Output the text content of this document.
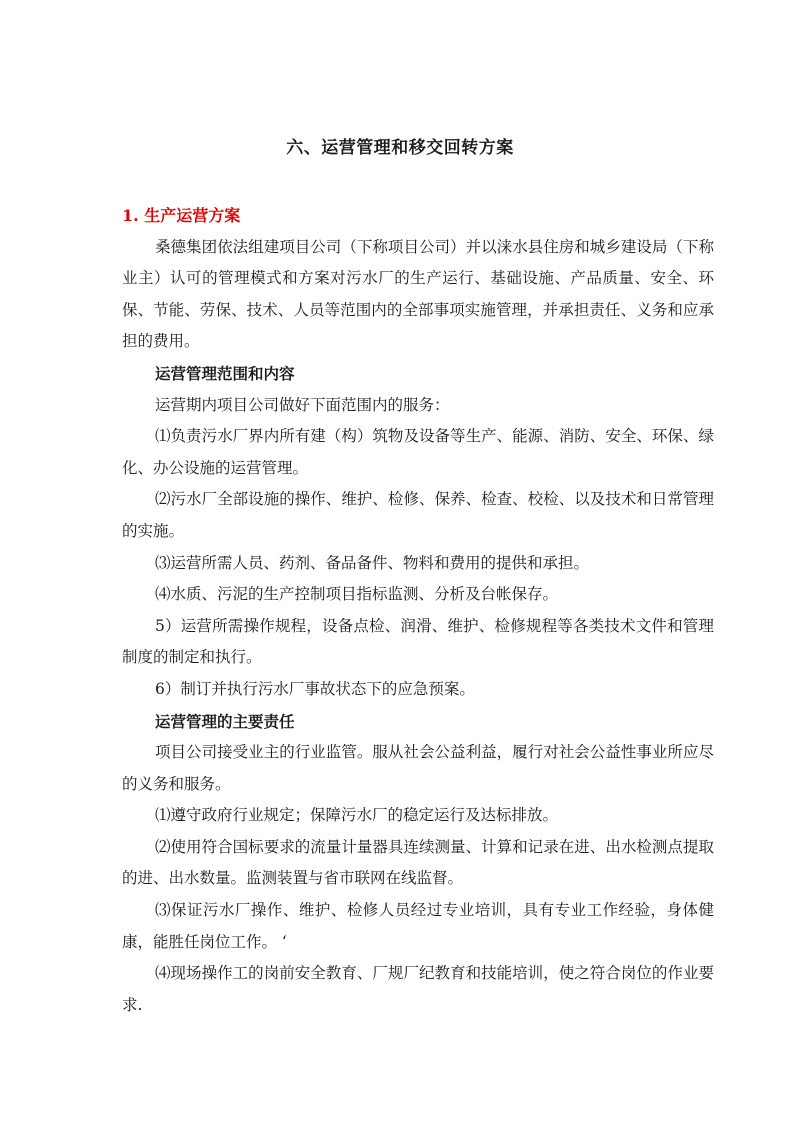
六、运营管理和移交回转方案

1. 生产运营方案

桑德集团依法组建项目公司（下称项目公司）并以涞水县住房和城乡建设局（下称业主）认可的管理模式和方案对污水厂的生产运行、基础设施、产品质量、安全、环保、节能、劳保、技术、人员等范围内的全部事项实施管理，并承担责任、义务和应承担的费用。

运营管理范围和内容

运营期内项目公司做好下面范围内的服务：

⑴负责污水厂界内所有建（构）筑物及设备等生产、能源、消防、安全、环保、绿化、办公设施的运营管理。

⑵污水厂全部设施的操作、维护、检修、保养、检查、校检、以及技术和日常管理的实施。

⑶运营所需人员、药剂、备品备件、物料和费用的提供和承担。

⑷水质、污泥的生产控制项目指标监测、分析及台帐保存。

5）运营所需操作规程，设备点检、润滑、维护、检修规程等各类技术文件和管理制度的制定和执行。

6）制订并执行污水厂事故状态下的应急预案。

运营管理的主要责任

项目公司接受业主的行业监管。服从社会公益利益，履行对社会公益性事业所应尽的义务和服务。

⑴遵守政府行业规定；保障污水厂的稳定运行及达标排放。

⑵使用符合国标要求的流量计量器具连续测量、计算和记录在进、出水检测点提取的进、出水数量。监测装置与省市联网在线监督。

⑶保证污水厂操作、维护、检修人员经过专业培训，具有专业工作经验，身体健康，能胜任岗位工作。 ‘

⑷现场操作工的岗前安全教育、厂规厂纪教育和技能培训，使之符合岗位的作业要求.
